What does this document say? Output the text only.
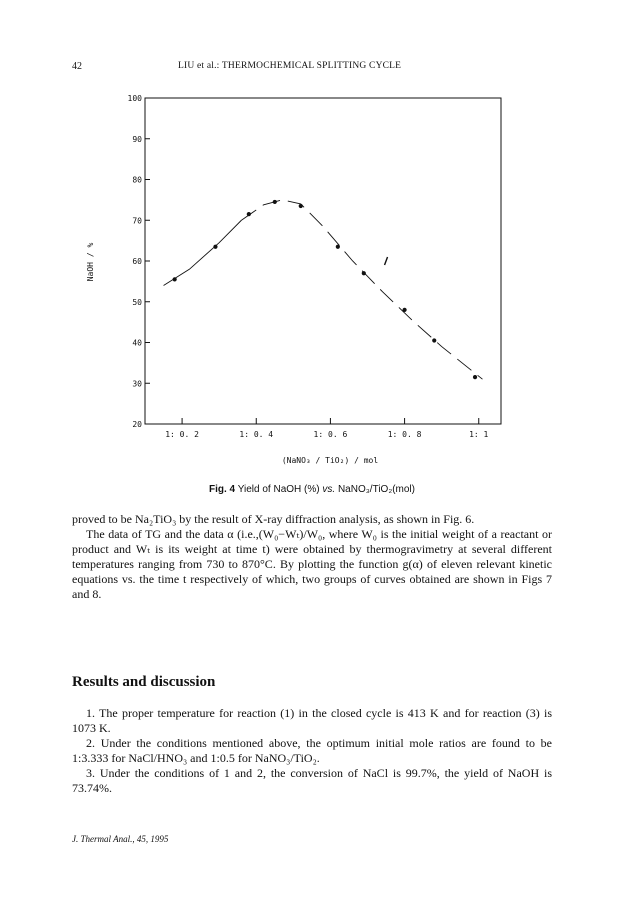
42	LIU et al.: THERMOCHEMICAL SPLITTING CYCLE
20
30
40
50
60
70
80
90
100
1: 0. 2	1: 0. 4	1: 0. 6	1: 0. 8	1: 1
NaOH / %
(NaNO₃ / TiO₂) / mol
Fig. 4 Yield of NaOH (%) vs. NaNO₃/TiO₂(mol)

proved to be Na₂TiO₃ by the result of X-ray diffraction analysis, as shown in Fig. 6.

The data of TG and the data α (i.e.,(W₀−Wₜ)/W₀, where W₀ is the initial weight of a reactant or product and Wₜ is its weight at time t) were obtained by thermogravimetry at several different temperatures ranging from 730 to 870°C. By plotting the function g(α) of eleven relevant kinetic equations vs. the time t respectively of which, two groups of curves obtained are shown in Figs 7 and 8.

Results and discussion

1. The proper temperature for reaction (1) in the closed cycle is 413 K and for reaction (3) is 1073 K.

2. Under the conditions mentioned above, the optimum initial mole ratios are found to be 1:3.333 for NaCl/HNO₃ and 1:0.5 for NaNO₃/TiO₂.

3. Under the conditions of 1 and 2, the conversion of NaCl is 99.7%, the yield of NaOH is 73.74%.

J. Thermal Anal., 45, 1995
